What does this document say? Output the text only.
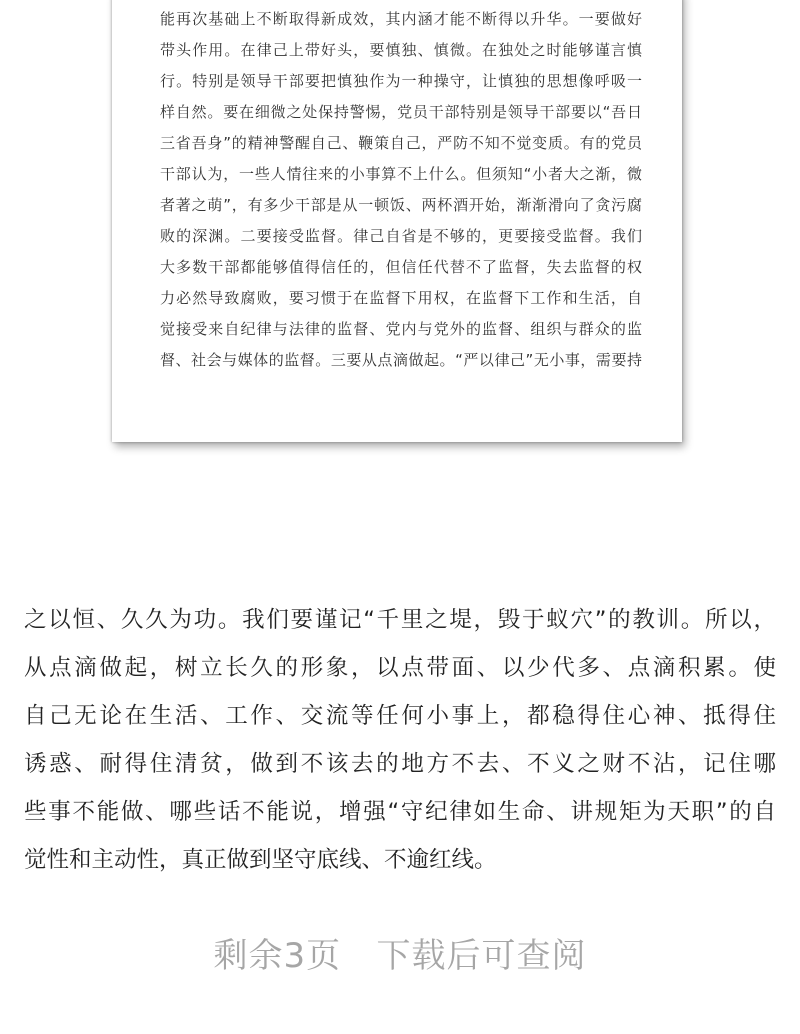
能再次基础上不断取得新成效，其内涵才能不断得以升华。一要做好
带头作用。在律己上带好头，要慎独、慎微。在独处之时能够谨言慎
行。特别是领导干部要把慎独作为一种操守，让慎独的思想像呼吸一
样自然。要在细微之处保持警惕，党员干部特别是领导干部要以“吾日
三省吾身”的精神警醒自己、鞭策自己，严防不知不觉变质。有的党员
干部认为，一些人情往来的小事算不上什么。但须知“小者大之渐，微
者著之萌”，有多少干部是从一顿饭、两杯酒开始，渐渐滑向了贪污腐
败的深渊。二要接受监督。律己自省是不够的，更要接受监督。我们
大多数干部都能够值得信任的，但信任代替不了监督，失去监督的权
力必然导致腐败，要习惯于在监督下用权，在监督下工作和生活，自
觉接受来自纪律与法律的监督、党内与党外的监督、组织与群众的监
督、社会与媒体的监督。三要从点滴做起。“严以律己”无小事，需要持
之以恒、久久为功。我们要谨记“千里之堤，毁于蚁穴”的教训。所以，
从点滴做起，树立长久的形象，以点带面、以少代多、点滴积累。使
自己无论在生活、工作、交流等任何小事上，都稳得住心神、抵得住
诱惑、耐得住清贫，做到不该去的地方不去、不义之财不沾，记住哪
些事不能做、哪些话不能说，增强“守纪律如生命、讲规矩为天职”的自
觉性和主动性，真正做到坚守底线、不逾红线。
剩余3页 下载后可查阅
